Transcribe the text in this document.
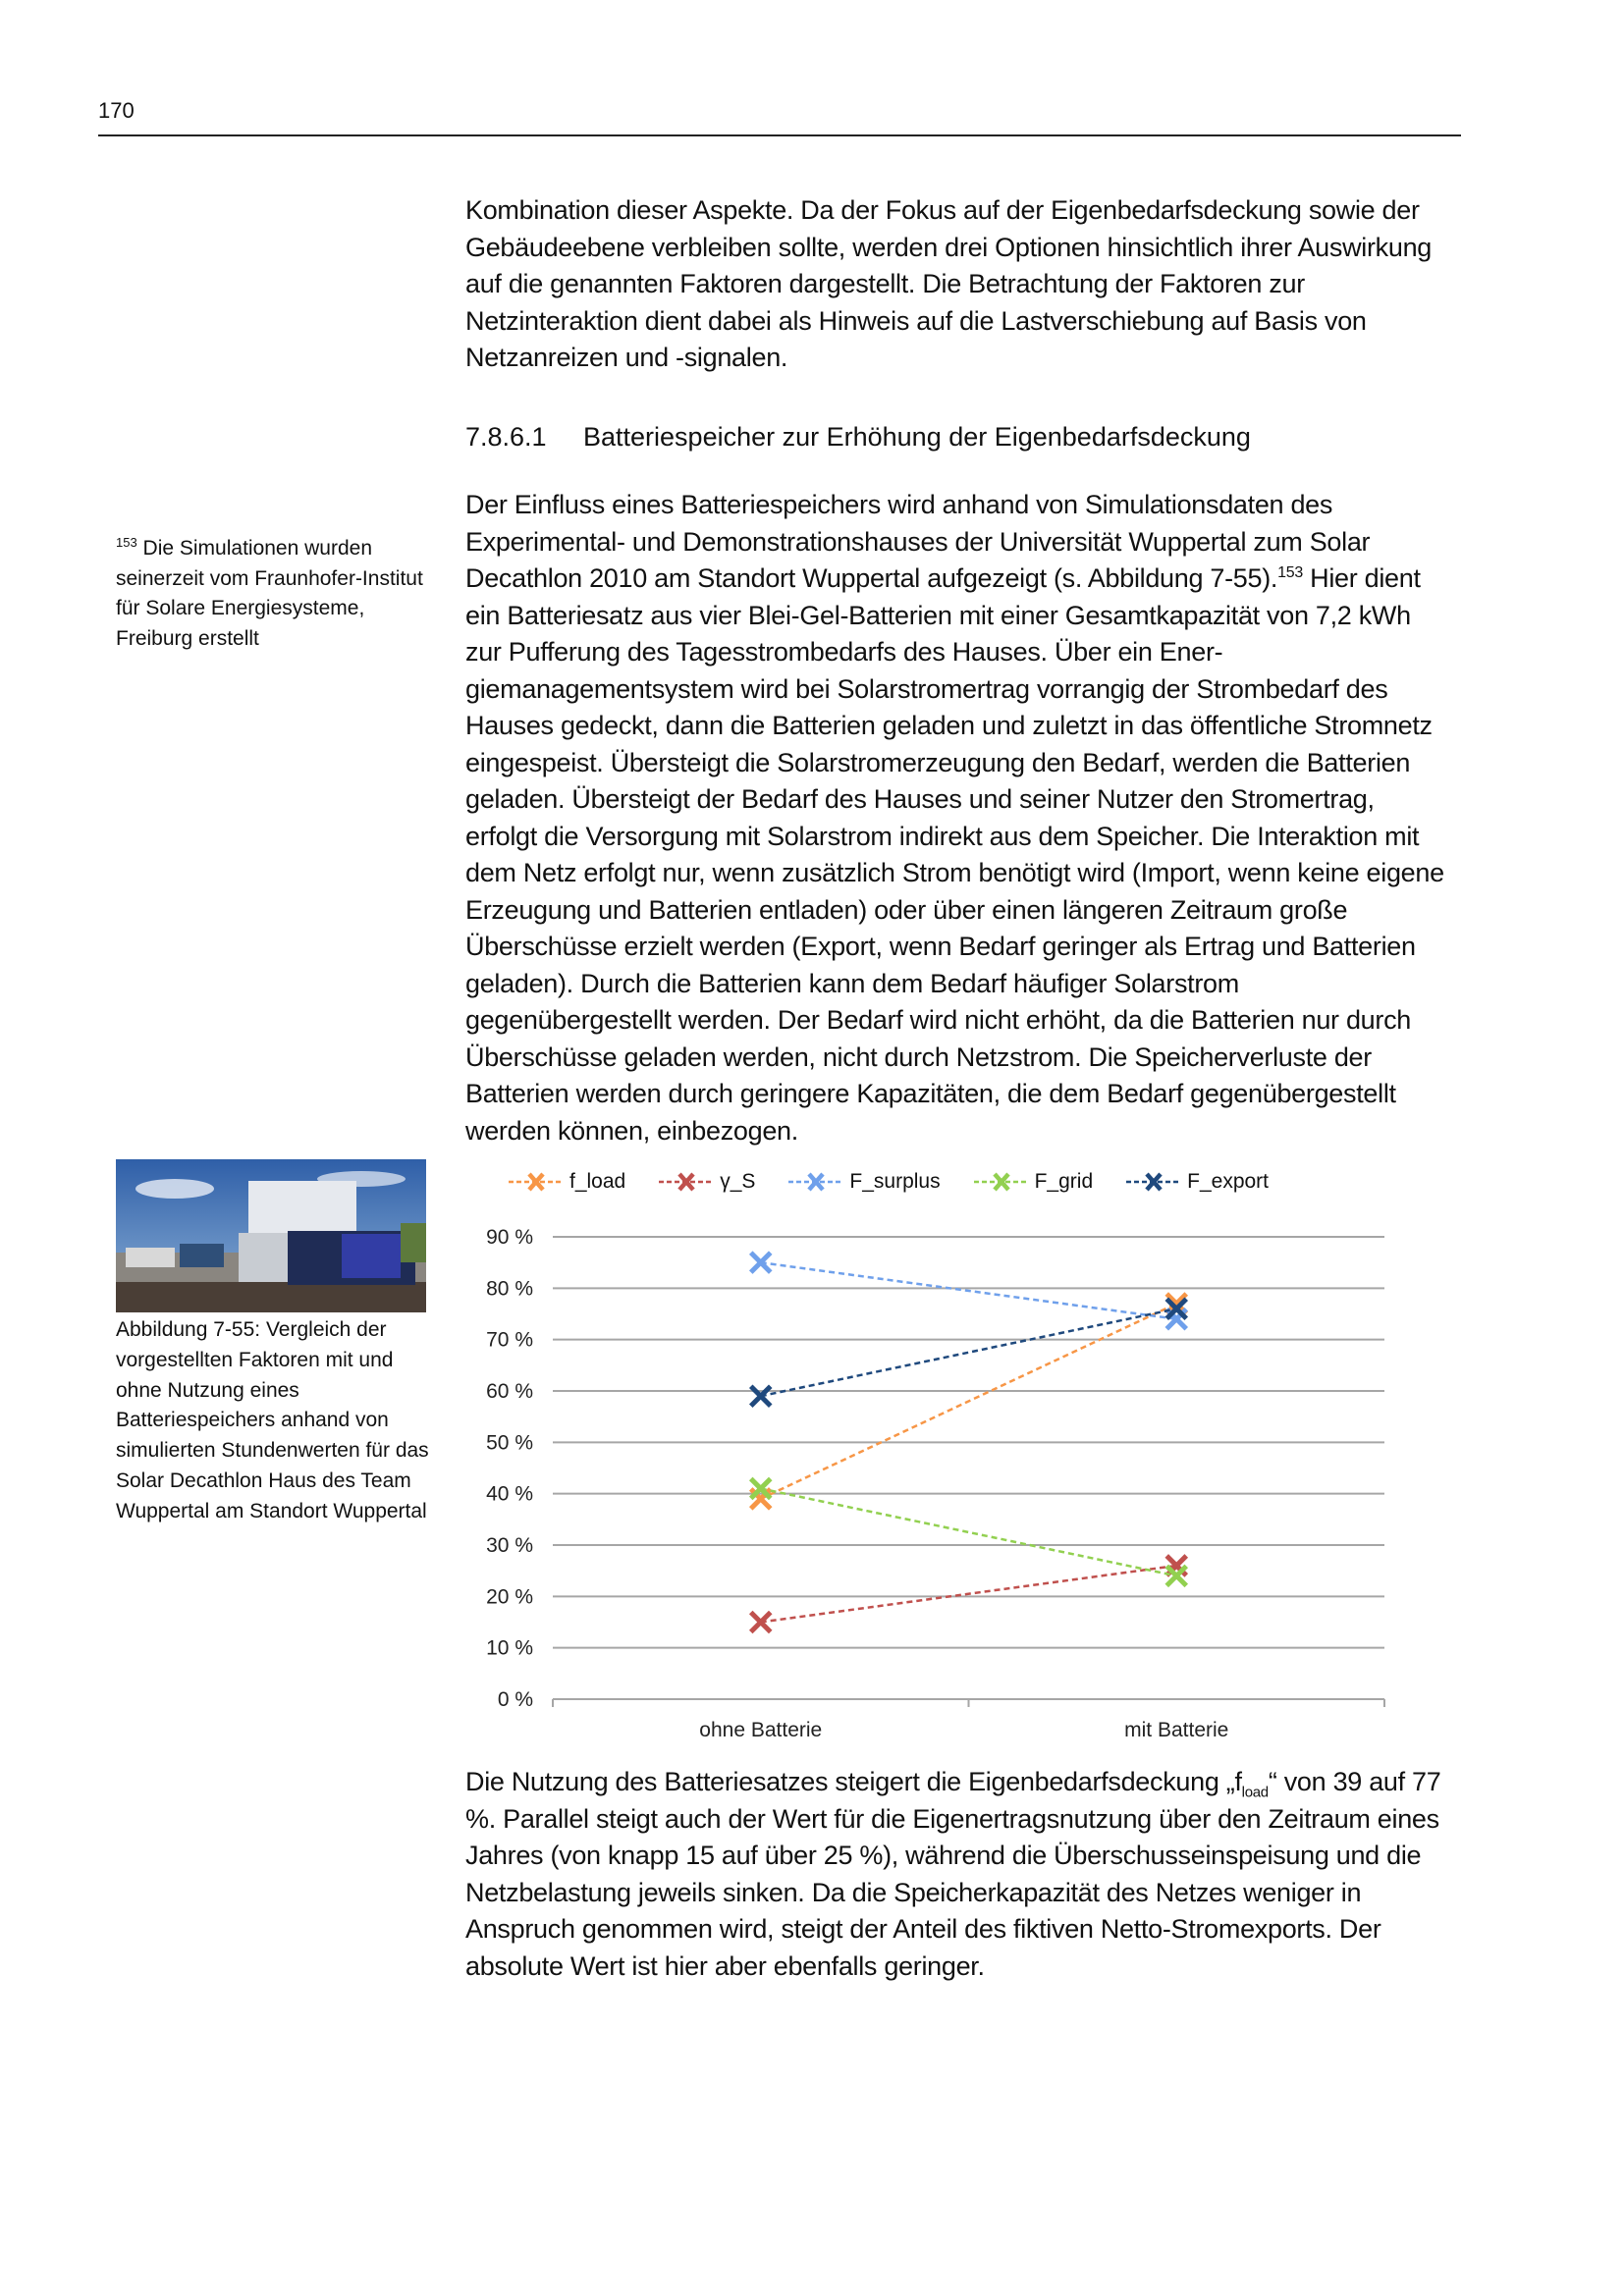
170

Kombination dieser Aspekte. Da der Fokus auf der Eigenbedarfsdeckung sowie der Gebäudeebene verbleiben sollte, werden drei Optionen hinsichtlich ihrer Auswirkung auf die genannten Faktoren dargestellt. Die Betrachtung der Faktoren zur Netzinteraktion dient dabei als Hinweis auf die Lastverschiebung auf Basis von Netzanreizen und -signalen.

7.8.6.1 Batteriespeicher zur Erhöhung der Eigenbedarfsdeckung

Der Einfluss eines Batteriespeichers wird anhand von Simulationsdaten des Experimental- und Demonstrationshauses der Universität Wuppertal zum Solar Decathlon 2010 am Standort Wuppertal aufgezeigt (s. Abbildung 7-55).$^{153}$ Hier dient ein Batteriesatz aus vier Blei-Gel-Batterien mit einer Gesamtkapazität von 7,2 kWh zur Pufferung des Tagesstrombedarfs des Hauses. Über ein Energiemanagementsystem wird bei Solarstromertrag vorrangig der Strombedarf des Hauses gedeckt, dann die Batterien geladen und zuletzt in das öffentliche Stromnetz eingespeist. Übersteigt die Solarstromerzeugung den Bedarf, werden die Batterien geladen. Übersteigt der Bedarf des Hauses und seiner Nutzer den Stromertrag, erfolgt die Versorgung mit Solarstrom indirekt aus dem Speicher. Die Interaktion mit dem Netz erfolgt nur, wenn zusätzlich Strom benötigt wird (Import, wenn keine eigene Erzeugung und Batterien entladen) oder über einen längeren Zeitraum große Überschüsse erzielt werden (Export, wenn Bedarf geringer als Ertrag und Batterien geladen). Durch die Batterien kann dem Bedarf häufiger Solarstrom gegenübergestellt werden. Der Bedarf wird nicht erhöht, da die Batterien nur durch Überschüsse geladen werden, nicht durch Netzstrom. Die Speicherverluste der Batterien werden durch geringere Kapazitäten, die dem Bedarf gegenübergestellt werden können, einbezogen.

$^{153}$ Die Simulationen wurden seinerzeit vom Fraunhofer-Institut für Solare Energiesysteme, Freiburg erstellt
Abbildung 7-55: Vergleich der vorgestellten Faktoren mit und ohne Nutzung eines Batteriespeichers anhand von simulierten Stundenwerten für das Solar Decathlon Haus des Team Wuppertal am Standort Wuppertal
f_load	γ_S	F_surplus	F_grid	F_export
0 %
10 %
20 %
30 %
40 %
50 %
60 %
70 %
80 %
90 %
ohne Batterie	mit Batterie

Die Nutzung des Batteriesatzes steigert die Eigenbedarfsdeckung $„f_{load}“$ von 39 auf 77 %. Parallel steigt auch der Wert für die Eigenertragsnutzung über den Zeitraum eines Jahres (von knapp 15 auf über 25 %), während die Überschusseinspeisung und die Netzbelastung jeweils sinken. Da die Speicherkapazität des Netzes weniger in Anspruch genommen wird, steigt der Anteil des fiktiven Netto-Stromexports. Der absolute Wert ist hier aber ebenfalls geringer.
